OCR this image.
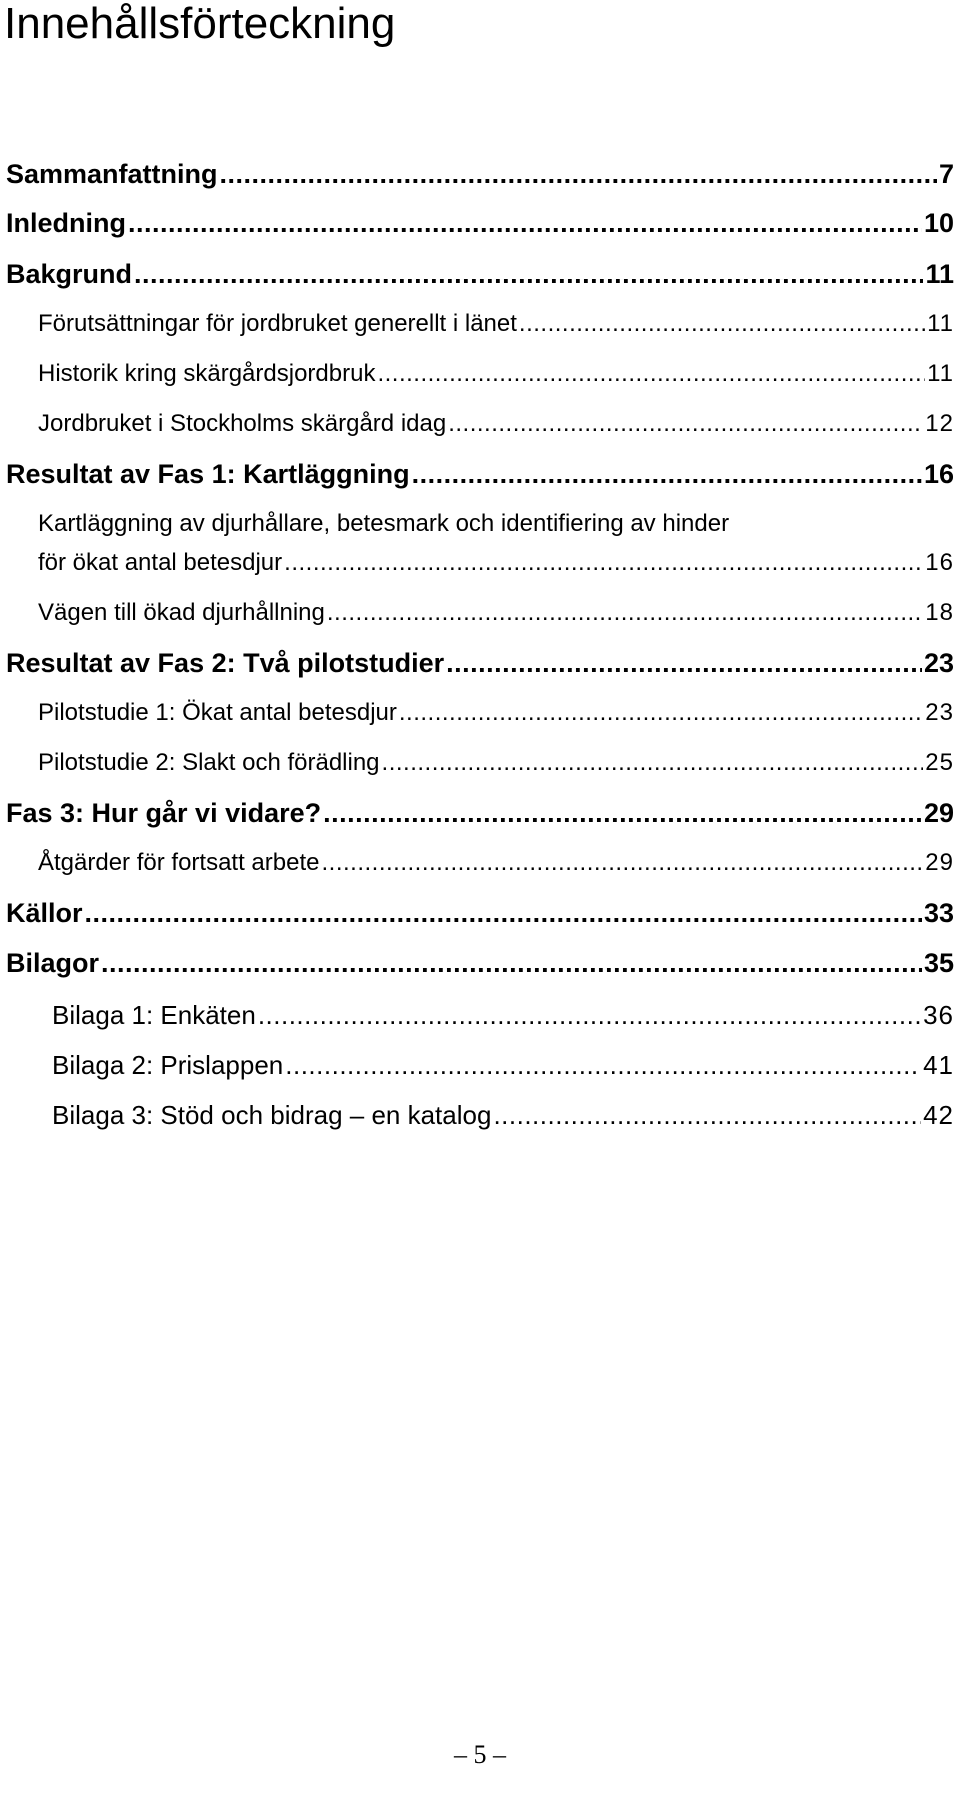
Innehållsförteckning
Sammanfattning .....	7
Inledning .....	10
Bakgrund .....	11
Förutsättningar för jordbruket generellt i länet .....	11
Historik kring skärgårdsjordbruk .....	11
Jordbruket i Stockholms skärgård idag .....	12
Resultat av Fas 1: Kartläggning .....	16
Kartläggning av djurhållare, betesmark och identifiering av hinder
för ökat antal betesdjur .....	16
Vägen till ökad djurhållning .....	18
Resultat av Fas 2: Två pilotstudier .....	23
Pilotstudie 1: Ökat antal betesdjur .....	23
Pilotstudie 2: Slakt och förädling .....	25
Fas 3: Hur går vi vidare? .....	29
Åtgärder för fortsatt arbete .....	29
Källor .....	33
Bilagor .....	35
Bilaga 1: Enkäten .....	36
Bilaga 2: Prislappen .....	41
Bilaga 3: Stöd och bidrag – en katalog .....	42
– 5 –
